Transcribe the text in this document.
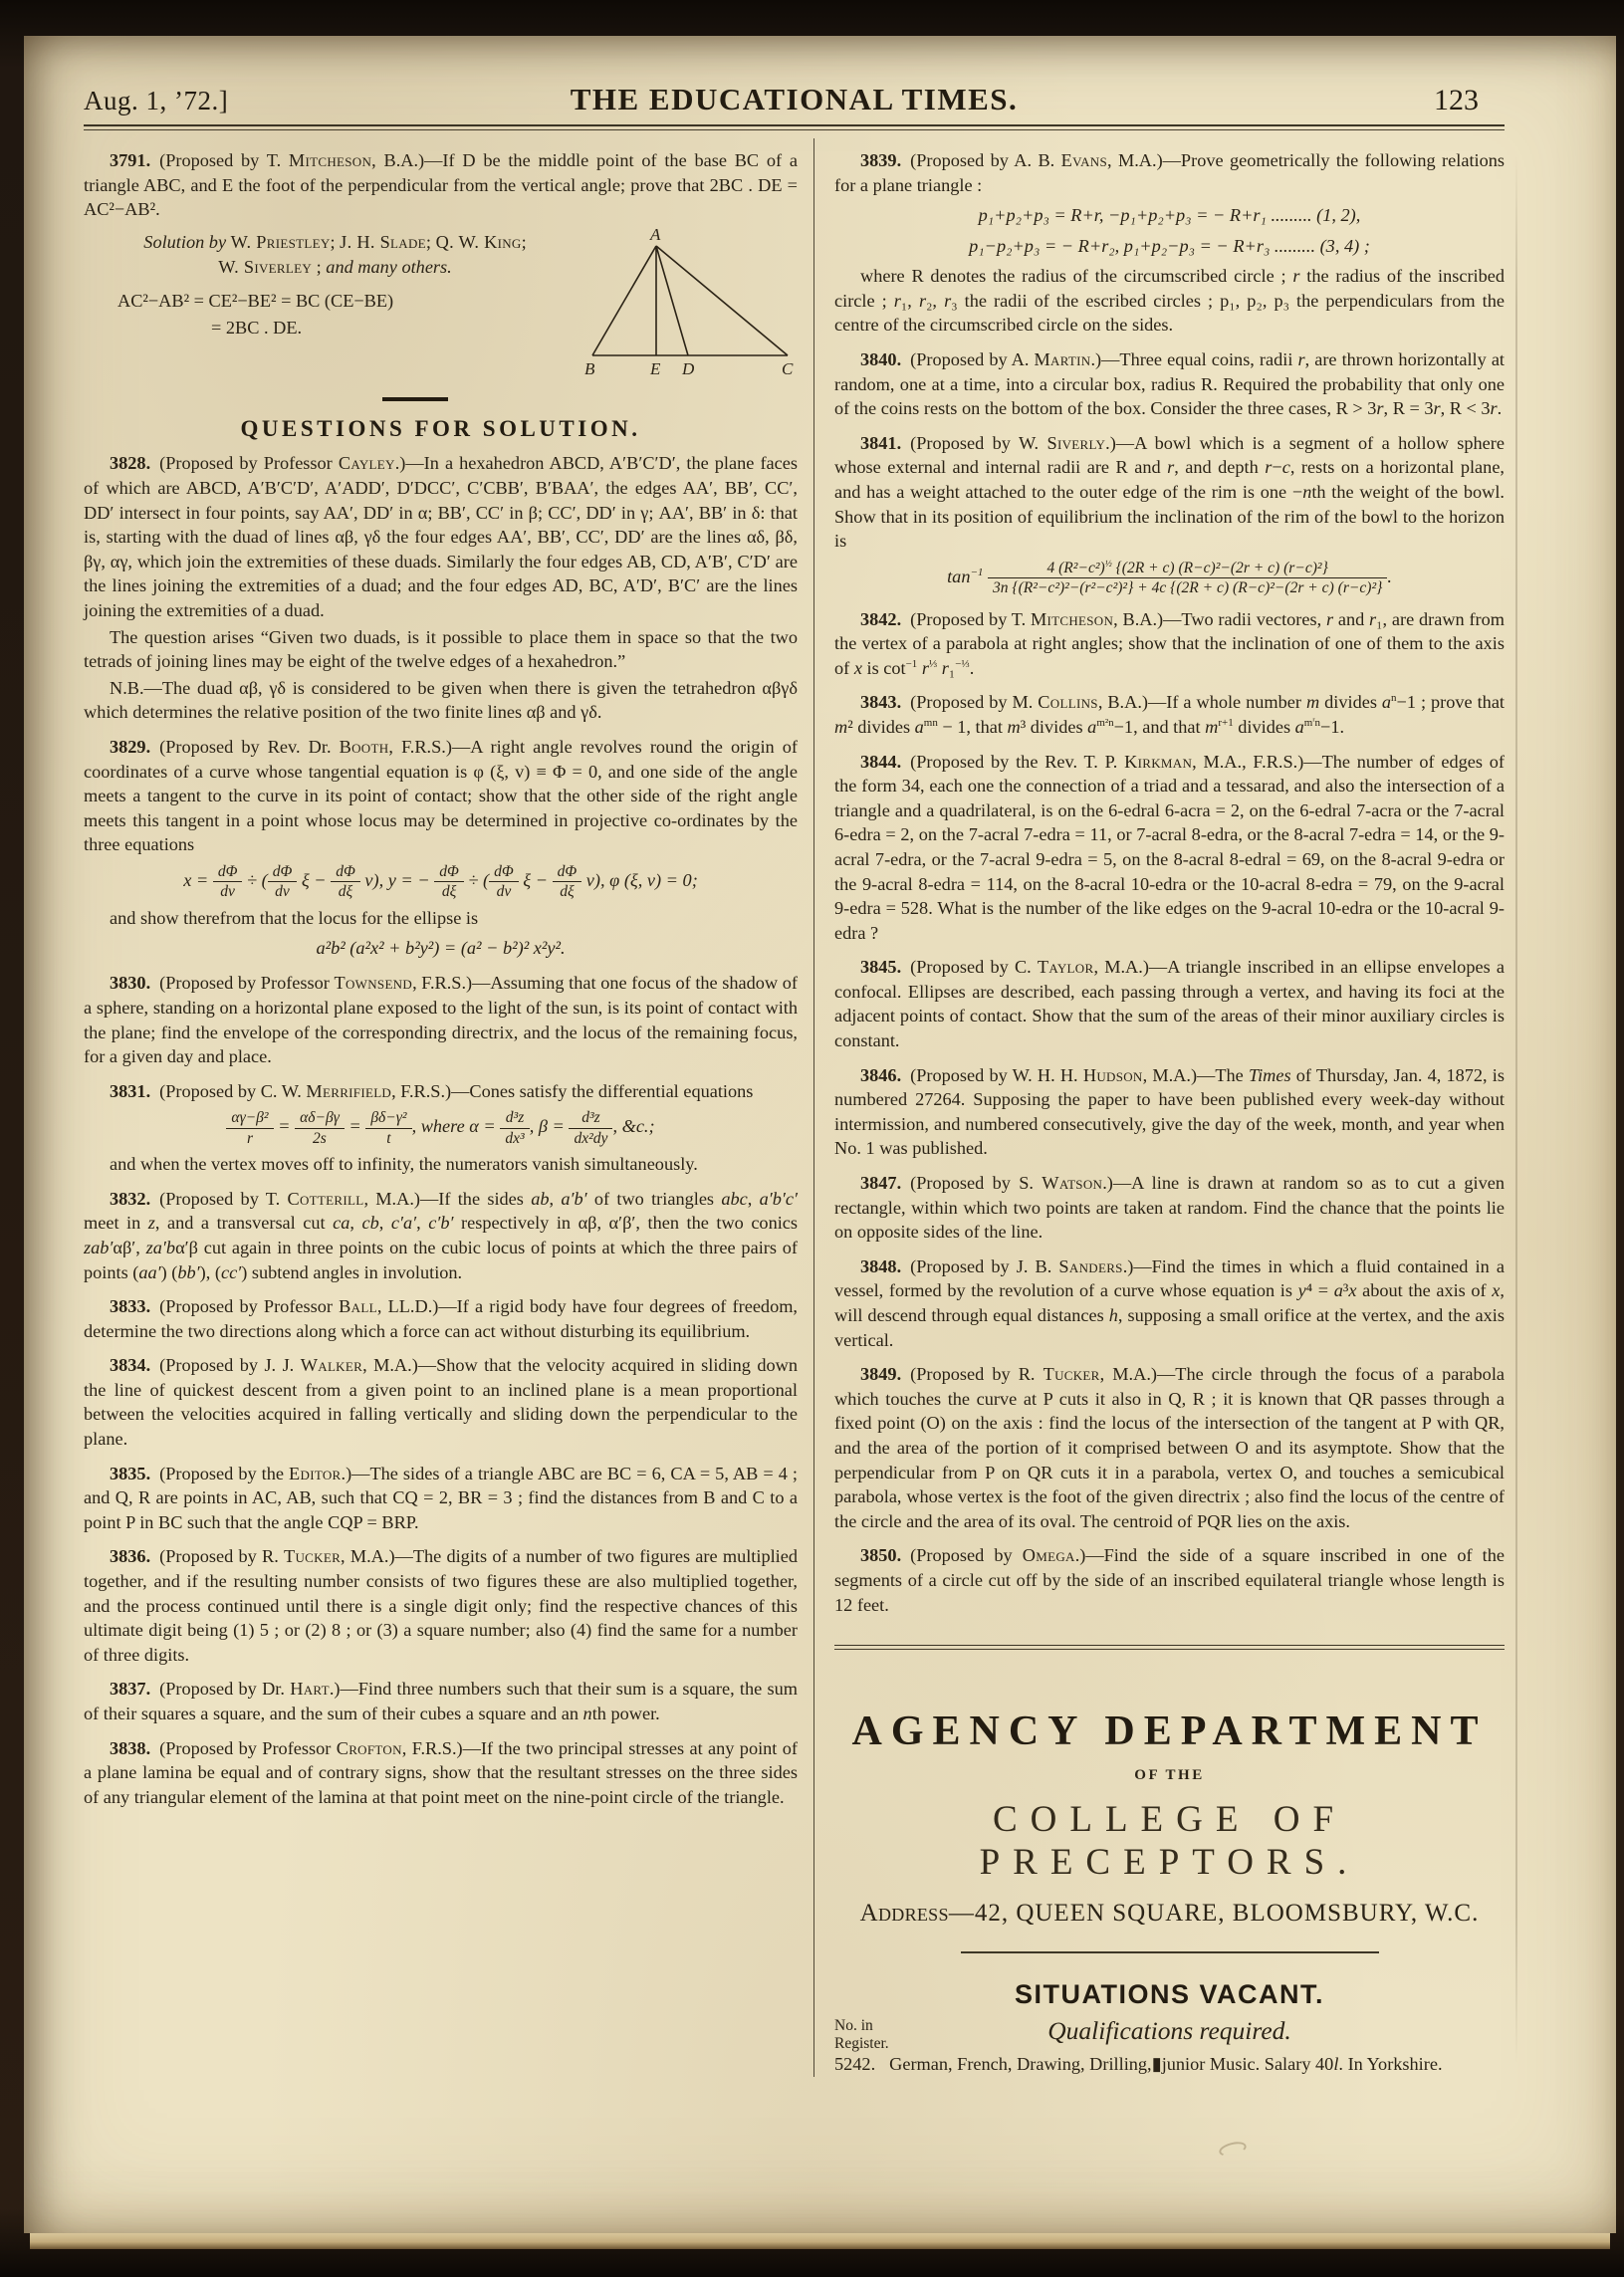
Aug. 1, ’72.]	THE EDUCATIONAL TIMES.	123

3791. (Proposed by T. Mitcheson, B.A.)—If D be the middle point of the base BC of a triangle ABC, and E the foot of the perpendicular from the vertical angle; prove that 2BC . DE = AC²−AB².

Solution by W. Priestley; J. H. Slade; Q. W. King;

W. Siverley ; and many others.

AC²−AB² = CE²−BE² = BC (CE−BE)

= 2BC . DE.

A
B	E D	C

QUESTIONS FOR SOLUTION.

3828. (Proposed by Professor Cayley.)—In a hexahedron ABCD, A′B′C′D′, the plane faces of which are ABCD, A′B′C′D′, A′ADD′, D′DCC′, C′CBB′, B′BAA′, the edges AA′, BB′, CC′, DD′ intersect in four points, say AA′, DD′ in α; BB′, CC′ in β; CC′, DD′ in γ; AA′, BB′ in δ: that is, starting with the duad of lines αβ, γδ the four edges AA′, BB′, CC′, DD′ are the lines αδ, βδ, βγ, αγ, which join the extremities of these duads. Similarly the four edges AB, CD, A′B′, C′D′ are the lines joining the extremities of a duad; and the four edges AD, BC, A′D′, B′C′ are the lines joining the extremities of a duad.

The question arises “Given two duads, is it possible to place them in space so that the two tetrads of joining lines may be eight of the twelve edges of a hexahedron.”

N.B.—The duad αβ, γδ is considered to be given when there is given the tetrahedron αβγδ which determines the relative position of the two finite lines αβ and γδ.

3829. (Proposed by Rev. Dr. Booth, F.R.S.)—A right angle revolves round the origin of coordinates of a curve whose tangential equation is φ (ξ, v) ≡ Φ = 0, and one side of the angle meets a tangent to the curve in its point of contact; show that the other side of the right angle meets this tangent in a point whose locus may be determined in projective co-ordinates by the three equations

$x = \frac{d\Phi}{dv}$ ÷ ( $\frac{d\Phi}{dv}$ $\xi - \frac{d\Phi}{d\xi} v$), y = − $\frac{d\Phi}{d\xi}$ ÷ ( $\frac{d\Phi}{dv}$ $\xi - \frac{d\Phi}{d\xi} v$), φ (ξ, v) = 0;

and show therefrom that the locus for the ellipse is

a²b² (a²x² + b²y²) = (a² − b²)² x²y².

3830. (Proposed by Professor Townsend, F.R.S.)—Assuming that one focus of the shadow of a sphere, standing on a horizontal plane exposed to the light of the sun, is its point of contact with the plane; find the envelope of the corresponding directrix, and the locus of the remaining focus, for a given day and place.

3831. (Proposed by C. W. Merrifield, F.R.S.)—Cones satisfy the differential equations

$\frac{\text{αγ−β²}}{r} = \frac{\alpha\delta-\beta\gamma}{2s} = \frac{\text{βδ−γ²}}{t}$ , where $\alpha = \frac{\text{d³z}}{\text{dx³}}$ , $\beta = \frac{\text{d³z}}{\text{dx²dy}}$ , &c.;

and when the vertex moves off to infinity, the numerators vanish simultaneously.

3832. (Proposed by T. Cotterill, M.A.)—If the sides ab, a′b′ of two triangles abc, a′b′c′ meet in z, and a transversal cut ca, cb, c′a′, c′b′ respectively in αβ, α′β′, then the two conics zab′αβ′, za′bα′β cut again in three points on the cubic locus of points at which the three pairs of points (aa′) (bb′), (cc′) subtend angles in involution.

3833. (Proposed by Professor Ball, LL.D.)—If a rigid body have four degrees of freedom, determine the two directions along which a force can act without disturbing its equilibrium.

3834. (Proposed by J. J. Walker, M.A.)—Show that the velocity acquired in sliding down the line of quickest descent from a given point to an inclined plane is a mean proportional between the velocities acquired in falling vertically and sliding down the perpendicular to the plane.

3835. (Proposed by the Editor.)—The sides of a triangle ABC are BC = 6, CA = 5, AB = 4 ; and Q, R are points in AC, AB, such that CQ = 2, BR = 3 ; find the distances from B and C to a point P in BC such that the angle CQP = BRP.

3836. (Proposed by R. Tucker, M.A.)—The digits of a number of two figures are multiplied together, and if the resulting number consists of two figures these are also multiplied together, and the process continued until there is a single digit only; find the respective chances of this ultimate digit being (1) 5 ; or (2) 8 ; or (3) a square number; also (4) find the same for a number of three digits.

3837. (Proposed by Dr. Hart.)—Find three numbers such that their sum is a square, the sum of their squares a square, and the sum of their cubes a square and an nth power.

3838. (Proposed by Professor Crofton, F.R.S.)—If the two principal stresses at any point of a plane lamina be equal and of contrary signs, show that the resultant stresses on the three sides of any triangular element of the lamina at that point meet on the nine-point circle of the triangle.

3839. (Proposed by A. B. Evans, M.A.)—Prove geometrically the following relations for a plane triangle :

p₁+p₂+p₃ = R+r, −p₁+p₂+p₃ = − R+r₁ ......... (1, 2),

p₁−p₂+p₃ = − R+r₂, p₁+p₂−p₃ = − R+r₃ ......... (3, 4) ;

where R denotes the radius of the circumscribed circle ; r the radius of the inscribed circle ; r₁, r₂, r₃ the radii of the escribed circles ; p₁, p₂, p₃ the perpendiculars from the centre of the circumscribed circle on the sides.

3840. (Proposed by A. Martin.)—Three equal coins, radii r, are thrown horizontally at random, one at a time, into a circular box, radius R. Required the probability that only one of the coins rests on the bottom of the box. Consider the three cases, R > 3r, R = 3r, R < 3r.

3841. (Proposed by W. Siverly.)—A bowl which is a segment of a hollow sphere whose external and internal radii are R and r, and depth r−c, rests on a horizontal plane, and has a weight attached to the outer edge of the rim is one −nth the weight of the bowl. Show that in its position of equilibrium the inclination of the rim of the bowl to the horizon is

$\tan^{-1}$	4 $(R^2-c^2)^{\frac{1}{2}}$ {(2R + c) (R−c)²−(2r + c) (r−c)²}
3n {(R²−c²)²−(r²−c²)²} + 4c {(2R + c) (R−c)²−(2r + c) (r−c)²}
.

3842. (Proposed by T. Mitcheson, B.A.)—Two radii vectores, r and r₁, are drawn from the vertex of a parabola at right angles; show that the inclination of one of them to the axis of x is $\cot^{-1} r^{\frac{1}{3}}$ r₁$^{-\frac{1}{3}}$.

3843. (Proposed by M. Collins, B.A.)—If a whole number m divides $a^n-1$ ; prove that m² divides $a^{mn} - 1$, that m³ divides $a^{m^2n}-1$, and that $m^{r+1}$ divides $a^{m^rn}-1$.

3844. (Proposed by the Rev. T. P. Kirkman, M.A., F.R.S.)—The number of edges of the form 34, each one the connection of a triad and a tessarad, and also the intersection of a triangle and a quadrilateral, is on the 6-edral 6-acra = 2, on the 6-edral 7-acra or the 7-acral 6-edra = 2, on the 7-acral 7-edra = 11, or 7-acral 8-edra, or the 8-acral 7-edra = 14, or the 9-acral 7-edra, or the 7-acral 9-edra = 5, on the 8-acral 8-edral = 69, on the 8-acral 9-edra or the 9-acral 8-edra = 114, on the 8-acral 10-edra or the 10-acral 8-edra = 79, on the 9-acral 9-edra = 528. What is the number of the like edges on the 9-acral 10-edra or the 10-acral 9-edra ?

3845. (Proposed by C. Taylor, M.A.)—A triangle inscribed in an ellipse envelopes a confocal. Ellipses are described, each passing through a vertex, and having its foci at the adjacent points of contact. Show that the sum of the areas of their minor auxiliary circles is constant.

3846. (Proposed by W. H. H. Hudson, M.A.)—The Times of Thursday, Jan. 4, 1872, is numbered 27264. Supposing the paper to have been published every week-day without intermission, and numbered consecutively, give the day of the week, month, and year when No. 1 was published.

3847. (Proposed by S. Watson.)—A line is drawn at random so as to cut a given rectangle, within which two points are taken at random. Find the chance that the points lie on opposite sides of the line.

3848. (Proposed by J. B. Sanders.)—Find the times in which a fluid contained in a vessel, formed by the revolution of a curve whose equation is y⁴ = a³x about the axis of x, will descend through equal distances h, supposing a small orifice at the vertex, and the axis vertical.

3849. (Proposed by R. Tucker, M.A.)—The circle through the focus of a parabola which touches the curve at P cuts it also in Q, R ; it is known that QR passes through a fixed point (O) on the axis : find the locus of the intersection of the tangent at P with QR, and the area of the portion of it comprised between O and its asymptote. Show that the perpendicular from P on QR cuts it in a parabola, vertex O, and touches a semicubical parabola, whose vertex is the foot of the given directrix ; also find the locus of the centre of the circle and the area of its oval. The centroid of PQR lies on the axis.

3850. (Proposed by Omega.)—Find the side of a square inscribed in one of the segments of a circle cut off by the side of an inscribed equilateral triangle whose length is 12 feet.

AGENCY DEPARTMENT

OF THE

COLLEGE OF PRECEPTORS.

Address—42, QUEEN SQUARE, BLOOMSBURY, W.C.

SITUATIONS VACANT.

No. in
Register.	Qualifications required.

5242. German, French, Drawing, Drilling,▮junior Music. Salary 40l. In Yorkshire.
